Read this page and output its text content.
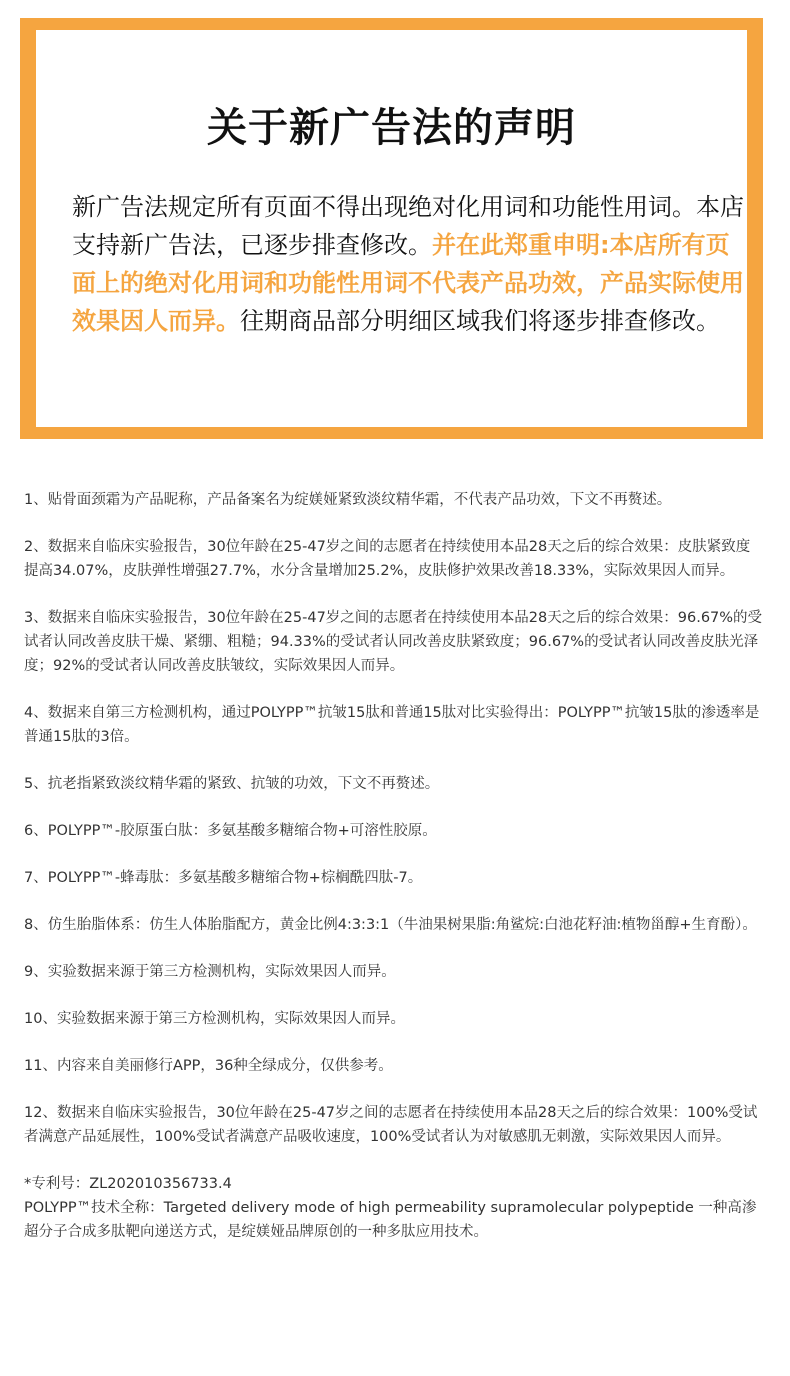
关于新广告法的声明

新广告法规定所有页面不得出现绝对化用词和功能性用词。本店支持新广告法，已逐步排查修改。并在此郑重申明:本店所有页面上的绝对化用词和功能性用词不代表产品功效，产品实际使用效果因人而异。往期商品部分明细区域我们将逐步排查修改。

1、贴骨面颈霜为产品昵称，产品备案名为绽媄娅紧致淡纹精华霜，不代表产品功效，下文不再赘述。

2、数据来自临床实验报告，30位年龄在25-47岁之间的志愿者在持续使用本品28天之后的综合效果：皮肤紧致度提高34.07%，皮肤弹性增强27.7%，水分含量增加25.2%，皮肤修护效果改善18.33%，实际效果因人而异。

3、数据来自临床实验报告，30位年龄在25-47岁之间的志愿者在持续使用本品28天之后的综合效果：96.67%的受试者认同改善皮肤干燥、紧绷、粗糙；94.33%的受试者认同改善皮肤紧致度；96.67%的受试者认同改善皮肤光泽度；92%的受试者认同改善皮肤皱纹，实际效果因人而异。

4、数据来自第三方检测机构，通过POLYPP™抗皱15肽和普通15肽对比实验得出：POLYPP™抗皱15肽的渗透率是普通15肽的3倍。

5、抗老指紧致淡纹精华霜的紧致、抗皱的功效，下文不再赘述。

6、POLYPP™-胶原蛋白肽：多氨基酸多糖缩合物+可溶性胶原。

7、POLYPP™-蜂毒肽：多氨基酸多糖缩合物+棕榈酰四肽-7。

8、仿生胎脂体系：仿生人体胎脂配方，黄金比例4:3:3:1（牛油果树果脂:角鲨烷:白池花籽油:植物甾醇+生育酚）。

9、实验数据来源于第三方检测机构，实际效果因人而异。

10、实验数据来源于第三方检测机构，实际效果因人而异。

11、内容来自美丽修行APP，36种全绿成分，仅供参考。

12、数据来自临床实验报告，30位年龄在25-47岁之间的志愿者在持续使用本品28天之后的综合效果：100%受试者满意产品延展性，100%受试者满意产品吸收速度，100%受试者认为对敏感肌无刺激，实际效果因人而异。

*专利号：ZL202010356733.4

POLYPP™技术全称：Targeted delivery mode of high permeability supramolecular polypeptide 一种高渗超分子合成多肽靶向递送方式，是绽媄娅品牌原创的一种多肽应用技术。
